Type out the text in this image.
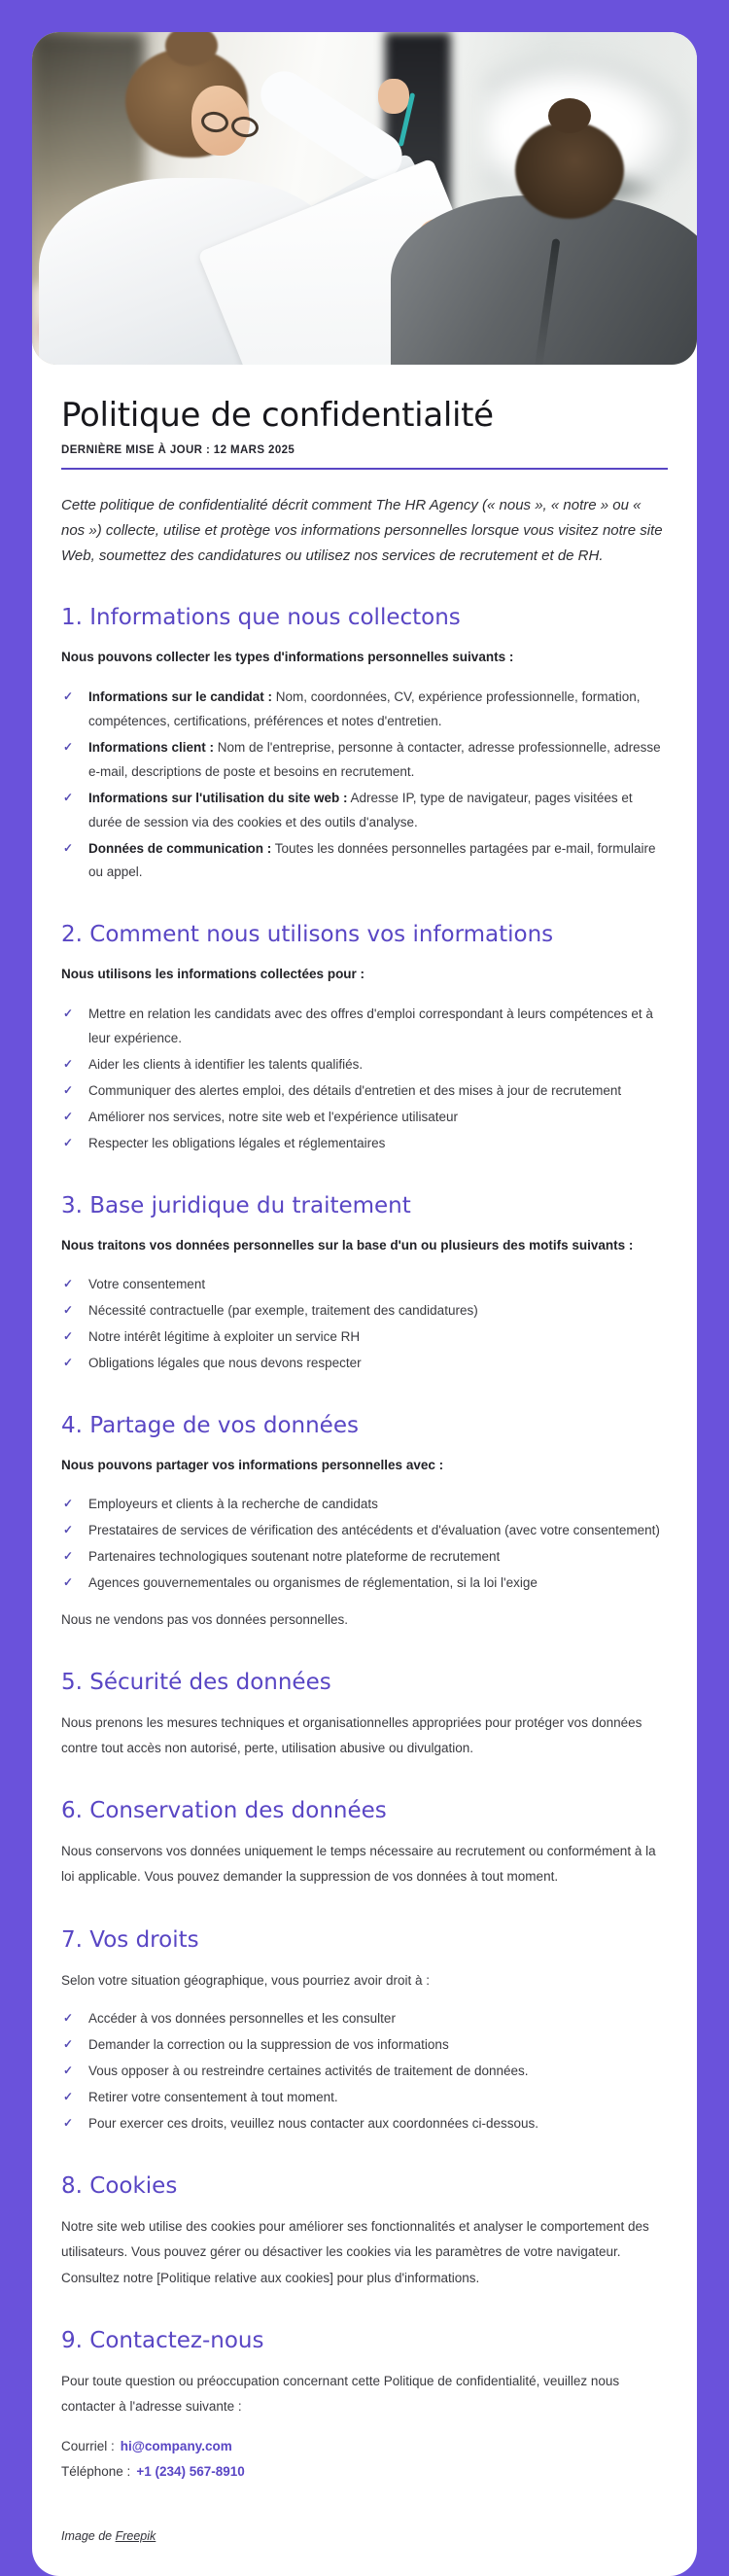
Politique de confidentialité
DERNIÈRE MISE À JOUR : 12 MARS 2025

Cette politique de confidentialité décrit comment The HR Agency (« nous », « notre » ou « nos ») collecte, utilise et protège vos informations personnelles lorsque vous visitez notre site Web, soumettez des candidatures ou utilisez nos services de recrutement et de RH.

1. Informations que nous collectons

Nous pouvons collecter les types d'informations personnelles suivants :

✓	Informations sur le candidat : Nom, coordonnées, CV, expérience professionnelle, formation, compétences, certifications, préférences et notes d'entretien.
✓	Informations client : Nom de l'entreprise, personne à contacter, adresse professionnelle, adresse e-mail, descriptions de poste et besoins en recrutement.
✓	Informations sur l'utilisation du site web : Adresse IP, type de navigateur, pages visitées et durée de session via des cookies et des outils d'analyse.
✓	Données de communication : Toutes les données personnelles partagées par e-mail, formulaire ou appel.
2. Comment nous utilisons vos informations

Nous utilisons les informations collectées pour :

✓	Mettre en relation les candidats avec des offres d'emploi correspondant à leurs compétences et à leur expérience.
✓	Aider les clients à identifier les talents qualifiés.
✓	Communiquer des alertes emploi, des détails d'entretien et des mises à jour de recrutement
✓	Améliorer nos services, notre site web et l'expérience utilisateur
✓	Respecter les obligations légales et réglementaires
3. Base juridique du traitement

Nous traitons vos données personnelles sur la base d'un ou plusieurs des motifs suivants :

✓	Votre consentement
✓	Nécessité contractuelle (par exemple, traitement des candidatures)
✓	Notre intérêt légitime à exploiter un service RH
✓	Obligations légales que nous devons respecter
4. Partage de vos données

Nous pouvons partager vos informations personnelles avec :

✓	Employeurs et clients à la recherche de candidats
✓	Prestataires de services de vérification des antécédents et d'évaluation (avec votre consentement)
✓	Partenaires technologiques soutenant notre plateforme de recrutement
✓	Agences gouvernementales ou organismes de réglementation, si la loi l'exige

Nous ne vendons pas vos données personnelles.

5. Sécurité des données

Nous prenons les mesures techniques et organisationnelles appropriées pour protéger vos données contre tout accès non autorisé, perte, utilisation abusive ou divulgation.

6. Conservation des données

Nous conservons vos données uniquement le temps nécessaire au recrutement ou conformément à la loi applicable. Vous pouvez demander la suppression de vos données à tout moment.

7. Vos droits

Selon votre situation géographique, vous pourriez avoir droit à :

✓	Accéder à vos données personnelles et les consulter
✓	Demander la correction ou la suppression de vos informations
✓	Vous opposer à ou restreindre certaines activités de traitement de données.
✓	Retirer votre consentement à tout moment.
✓	Pour exercer ces droits, veuillez nous contacter aux coordonnées ci-dessous.
8. Cookies

Notre site web utilise des cookies pour améliorer ses fonctionnalités et analyser le comportement des utilisateurs. Vous pouvez gérer ou désactiver les cookies via les paramètres de votre navigateur. Consultez notre [Politique relative aux cookies] pour plus d'informations.

9. Contactez-nous

Pour toute question ou préoccupation concernant cette Politique de confidentialité, veuillez nous contacter à l'adresse suivante :

Courriel : hi@company.com

Téléphone : +1 (234) 567-8910

Image de Freepik
